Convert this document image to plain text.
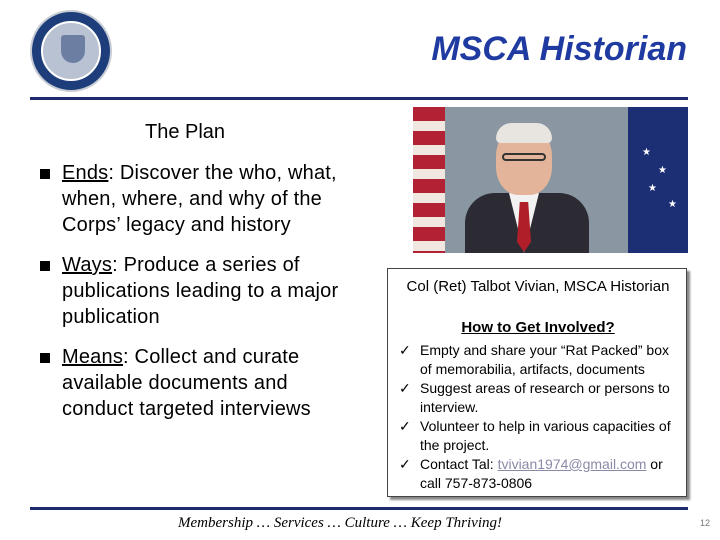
MSCA Historian
The Plan
Ends: Discover the who, what, when, where, and why of the Corps’ legacy and history
Ways: Produce a series of publications leading to a major publication
Means: Collect and curate available documents and conduct targeted interviews
★
★
★
★
Col (Ret) Talbot Vivian, MSCA Historian
How to Get Involved?
✓ Empty and share your “Rat Packed” box of memorabilia, artifacts, documents
✓ Suggest areas of research or persons to interview.
✓ Volunteer to help in various capacities of the project.
✓ Contact Tal: tvivian1974@gmail.com or call 757-873-0806
Membership … Services … Culture … Keep Thriving!	12
